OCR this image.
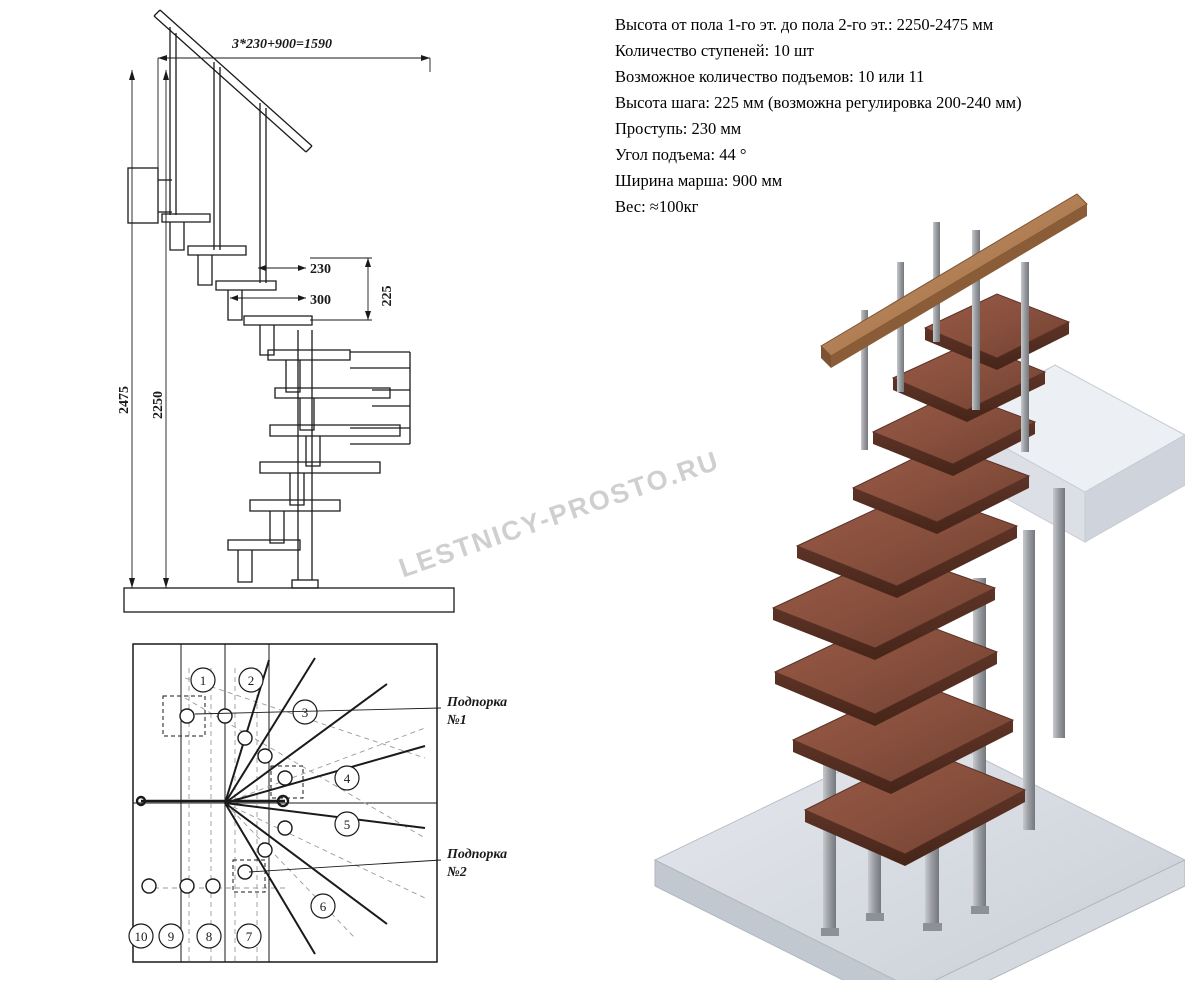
Высота от пола 1-го эт. до пола 2-го эт.: 2250-2475 мм
Количество ступеней: 10 шт
Возможное количество подъемов: 10 или 11
Высота шага: 225 мм (возможна регулировка 200-240 мм)
Проступь: 230 мм
Угол подъема: 44 °
Ширина марша: 900 мм
Вес: ≈100кг
3*230+900=1590
230
300	225
2475 2250
1	2
3
4
5
6
7
8
9
10
Подпорка
№1
Подпорка
№2
LESTNICY-PROSTO.RU
